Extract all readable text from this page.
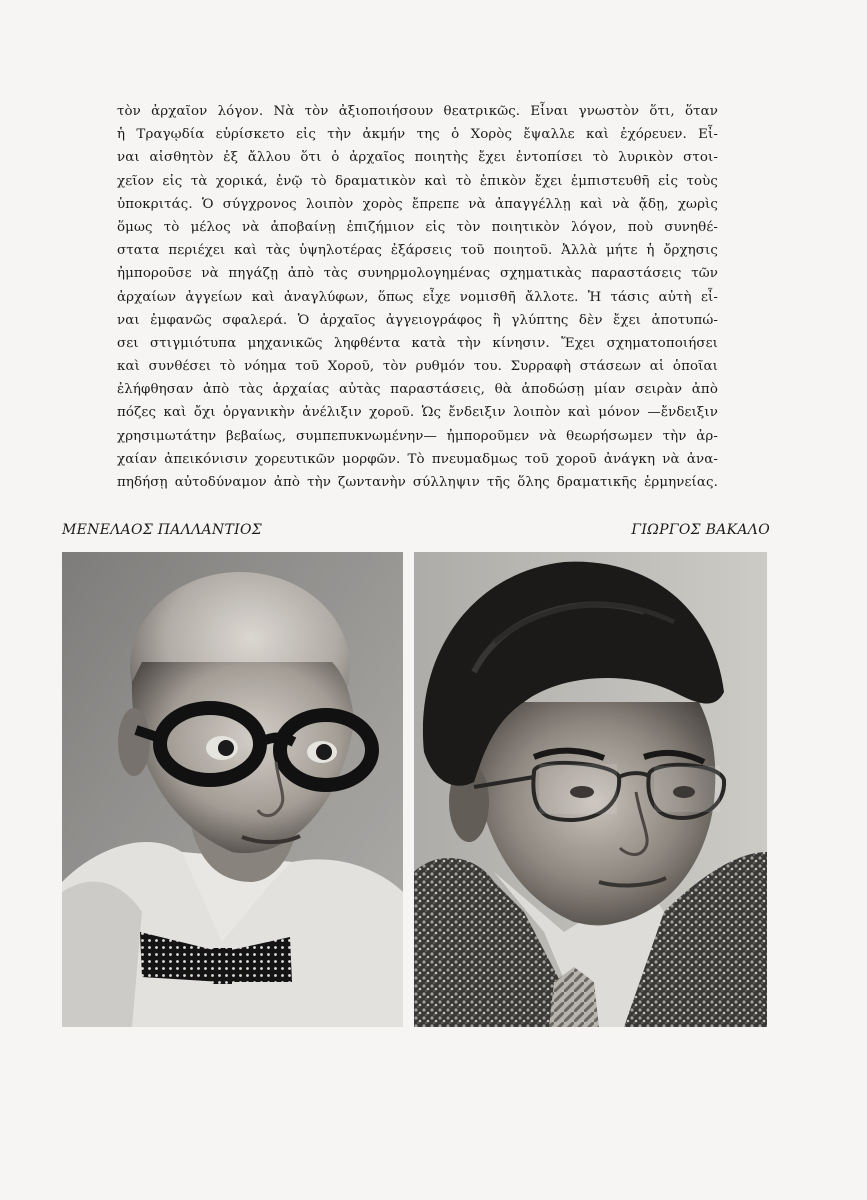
τὸν ἀρχαῖον λόγον. Νὰ τὸν ἀξιοποιήσουν θεατρικῶς. Εἶναι γνωστὸν ὅτι, ὅταν
ἡ Τραγῳδία εὑρίσκετο εἰς τὴν ἀκμήν της ὁ Χορὸς ἔψαλλε καὶ ἐχόρευεν. Εἶ-
ναι αἰσθητὸν ἐξ ἄλλου ὅτι ὁ ἀρχαῖος ποιητὴς ἔχει ἐντοπίσει τὸ λυρικὸν στοι-
χεῖον εἰς τὰ χορικά, ἐνῷ τὸ δραματικὸν καὶ τὸ ἐπικὸν ἔχει ἐμπιστευθῆ εἰς τοὺς
ὑποκριτάς. Ὁ σύγχρονος λοιπὸν χορὸς ἔπρεπε νὰ ἀπαγγέλλῃ καὶ νὰ ᾄδῃ, χωρὶς
ὅμως τὸ μέλος νὰ ἀποβαίνῃ ἐπιζήμιον εἰς τὸν ποιητικὸν λόγον, ποὺ συνηθέ-
στατα περιέχει καὶ τὰς ὑψηλοτέρας ἐξάρσεις τοῦ ποιητοῦ. Ἀλλὰ μήτε ἡ ὄρχησις
ἠμποροῦσε νὰ πηγάζῃ ἀπὸ τὰς συνηρμολογημένας σχηματικὰς παραστάσεις τῶν
ἀρχαίων ἀγγείων καὶ ἀναγλύφων, ὅπως εἶχε νομισθῆ ἄλλοτε. Ἡ τάσις αὐτὴ εἶ-
ναι ἐμφανῶς σφαλερά. Ὁ ἀρχαῖος ἀγγειογράφος ἢ γλύπτης δὲν ἔχει ἀποτυπώ-
σει στιγμιότυπα μηχανικῶς ληφθέντα κατὰ τὴν κίνησιν. Ἔχει σχηματοποιήσει
καὶ συνθέσει τὸ νόημα τοῦ Χοροῦ, τὸν ρυθμόν του. Συρραφὴ στάσεων αἱ ὁποῖαι
ἐλήφθησαν ἀπὸ τὰς ἀρχαίας αὐτὰς παραστάσεις, θὰ ἀποδώσῃ μίαν σειρὰν ἀπὸ
πόζες καὶ ὄχι ὀργανικὴν ἀνέλιξιν χοροῦ. Ὡς ἔνδειξιν λοιπὸν καὶ μόνον —ἔνδειξιν
χρησιμωτάτην βεβαίως, συμπεπυκνωμένην— ἠμποροῦμεν νὰ θεωρήσωμεν τὴν ἀρ-
χαίαν ἀπεικόνισιν χορευτικῶν μορφῶν. Τὸ πνευμαδμως τοῦ χοροῦ ἀνάγκη νὰ ἀνα-
πηδήσῃ αὐτοδύναμον ἀπὸ τὴν ζωντανὴν σύλληψιν τῆς ὅλης δραματικῆς ἑρμηνείας.
ΜΕΝΕΛΑΟΣ ΠΑΛΛΑΝΤΙΟΣ	ΓΙΩΡΓΟΣ ΒΑΚΑΛΟ
